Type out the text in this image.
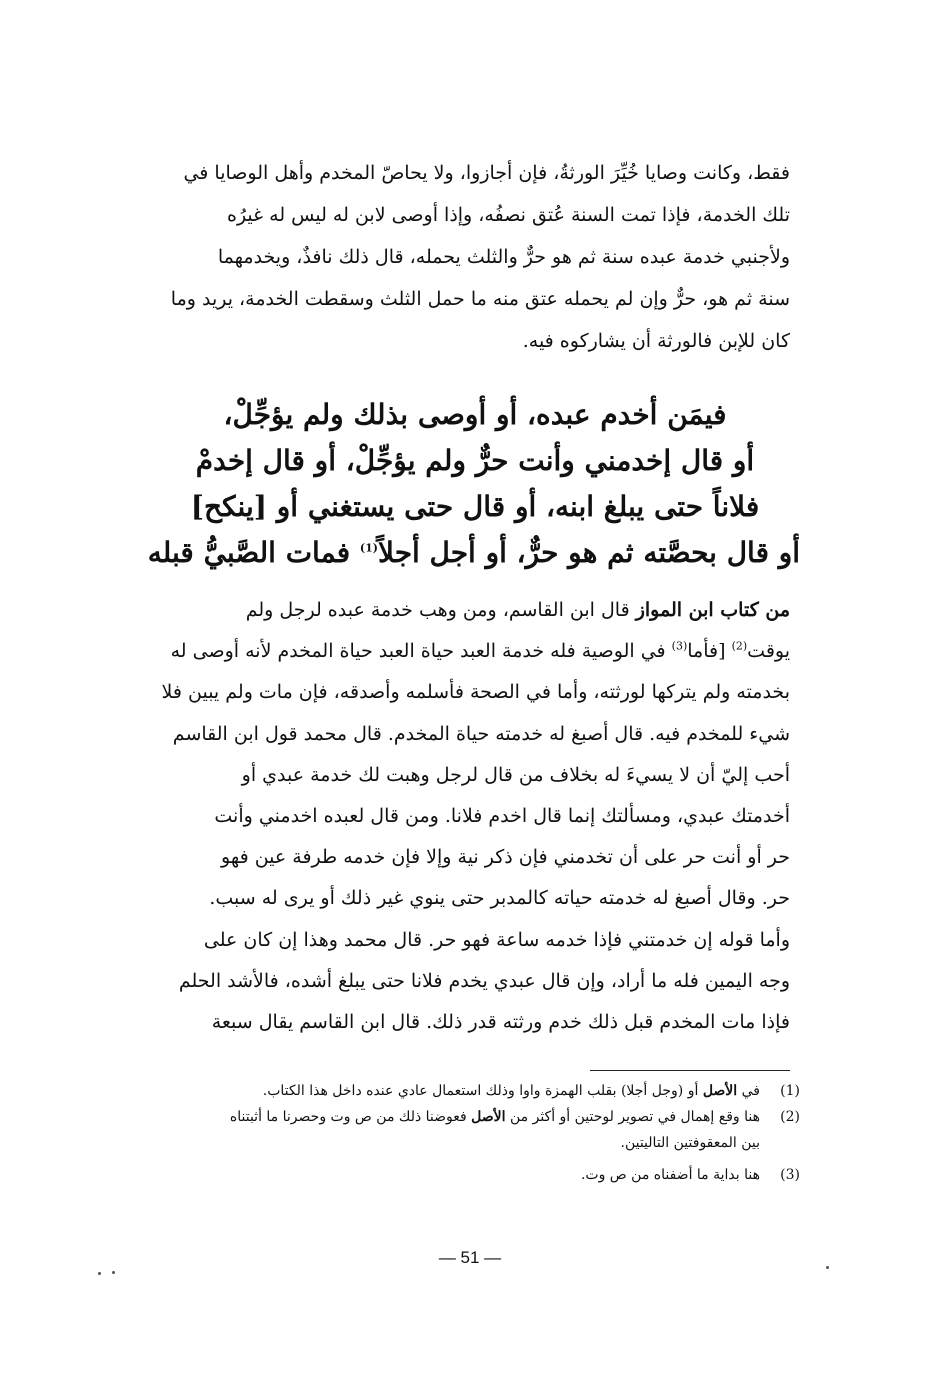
فقط، وكانت وصايا خُيِّرَ الورثةُ، فإن أجازوا، ولا يحاصّ المخدم وأهل الوصايا في

تلك الخدمة، فإذا تمت السنة عُتق نصفُه، وإذا أوصى لابن له ليس له غيرُه

ولأجنبي خدمة عبده سنة ثم هو حرٌّ والثلث يحمله، قال ذلك نافذٌ، ويخدمهما

سنة ثم هو، حرٌّ وإن لم يحمله عتق منه ما حمل الثلث وسقطت الخدمة، يريد وما

كان للإبن فالورثة أن يشاركوه فيه.

فيمَن أخدم عبده، أو أوصى بذلك ولم يؤجِّلْ،
أو قال إخدمني وأنت حرٌّ ولم يؤجِّلْ، أو قال إخدمْ
فلاناً حتى يبلغ ابنه، أو قال حتى يستغني أو [ينكح]
أو قال بحصَّته ثم هو حرٌّ، أو أجل أجلاً$^{(1)}$ فمات الصَّبيُّ قبله

من كتاب ابن المواز قال ابن القاسم، ومن وهب خدمة عبده لرجل ولم

يوقت$^{(2)}$ [فأما$^{(3)}$ في الوصية فله خدمة العبد حياة العبد حياة المخدم لأنه أوصى له

بخدمته ولم يتركها لورثته، وأما في الصحة فأسلمه وأصدقه، فإن مات ولم يبين فلا

شيء للمخدم فيه. قال أصبغ له خدمته حياة المخدم. قال محمد قول ابن القاسم

أحب إليّ أن لا يسيءَ له بخلاف من قال لرجل وهبت لك خدمة عبدي أو

أخدمتك عبدي، ومسألتك إنما قال اخدم فلانا. ومن قال لعبده اخدمني وأنت

حر أو أنت حر على أن تخدمني فإن ذكر نية وإلا فإن خدمه طرفة عين فهو

حر. وقال أصبغ له خدمته حياته كالمدبر حتى ينوي غير ذلك أو يرى له سبب.

وأما قوله إن خدمتني فإذا خدمه ساعة فهو حر. قال محمد وهذا إن كان على

وجه اليمين فله ما أراد، وإن قال عبدي يخدم فلانا حتى يبلغ أشده، فالأشد الحلم

فإذا مات المخدم قبل ذلك خدم ورثته قدر ذلك. قال ابن القاسم يقال سبعة

(1)
في الأصل أو (وجل أجلا) بقلب الهمزة واوا وذلك استعمال عادي عنده داخل هذا الكتاب.
(2)
هنا وقع إهمال في تصوير لوحتين أو أكثر من الأصل فعوضنا ذلك من ص وت وحصرنا ما أثبتناه
بين المعقوفتين التاليتين.
(3)
هنا بداية ما أضفناه من ص وت.
— 51 —
